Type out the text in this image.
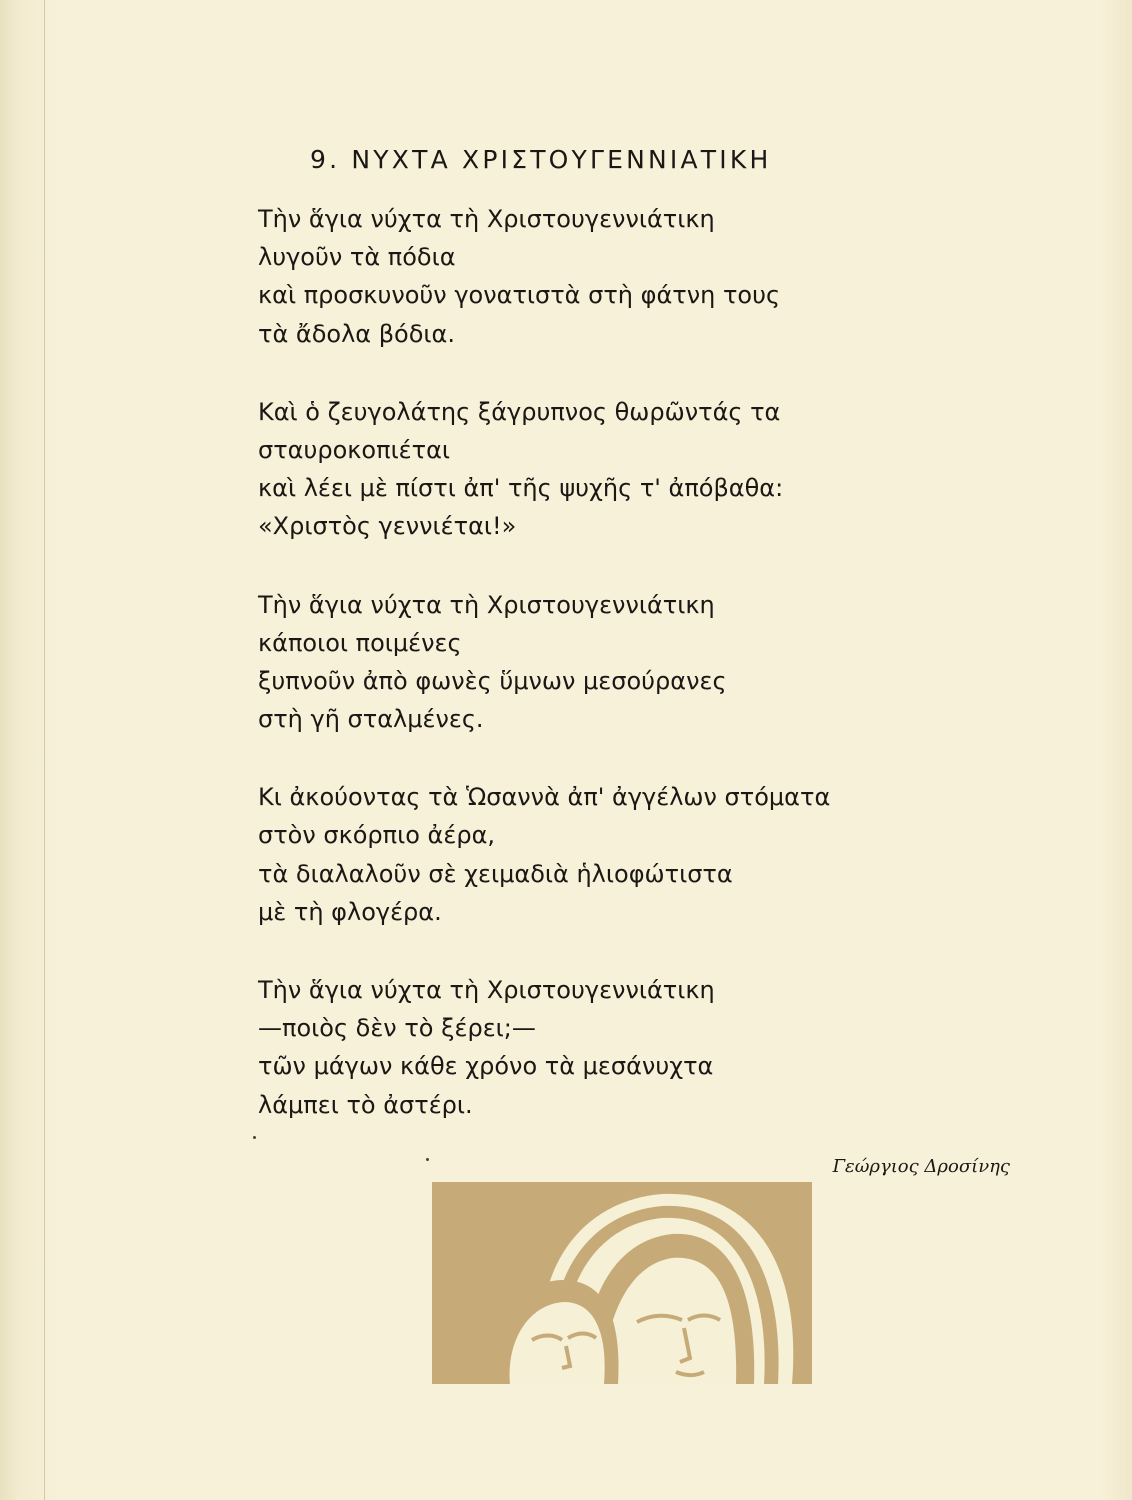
9. ΝΥΧΤΑ ΧΡΙΣΤΟΥΓΕΝΝΙΑΤΙΚΗ
Τὴν ἅγια νύχτα τὴ Χριστουγεννιάτικη
λυγοῦν τὰ πόδια
καὶ προσκυνοῦν γονατιστὰ στὴ φάτνη τους
τὰ ἄδολα βόδια.
Καὶ ὁ ζευγολάτης ξάγρυπνος θωρῶντάς τα
σταυροκοπιέται
καὶ λέει μὲ πίστι ἀπ' τῆς ψυχῆς τ' ἀπόβαθα:
«Χριστὸς γεννιέται!»
Τὴν ἅγια νύχτα τὴ Χριστουγεννιάτικη
κάποιοι ποιμένες
ξυπνοῦν ἀπὸ φωνὲς ὕμνων μεσούρανες
στὴ γῆ σταλμένες.
Κι ἀκούοντας τὰ Ὡσαννὰ ἀπ' ἀγγέλων στόματα
στὸν σκόρπιο ἀέρα,
τὰ διαλαλοῦν σὲ χειμαδιὰ ἡλιοφώτιστα
μὲ τὴ φλογέρα.
Τὴν ἅγια νύχτα τὴ Χριστουγεννιάτικη
—ποιὸς δὲν τὸ ξέρει;—
τῶν μάγων κάθε χρόνο τὰ μεσάνυχτα
λάμπει τὸ ἀστέρι.
Γεώργιος Δροσίνης
